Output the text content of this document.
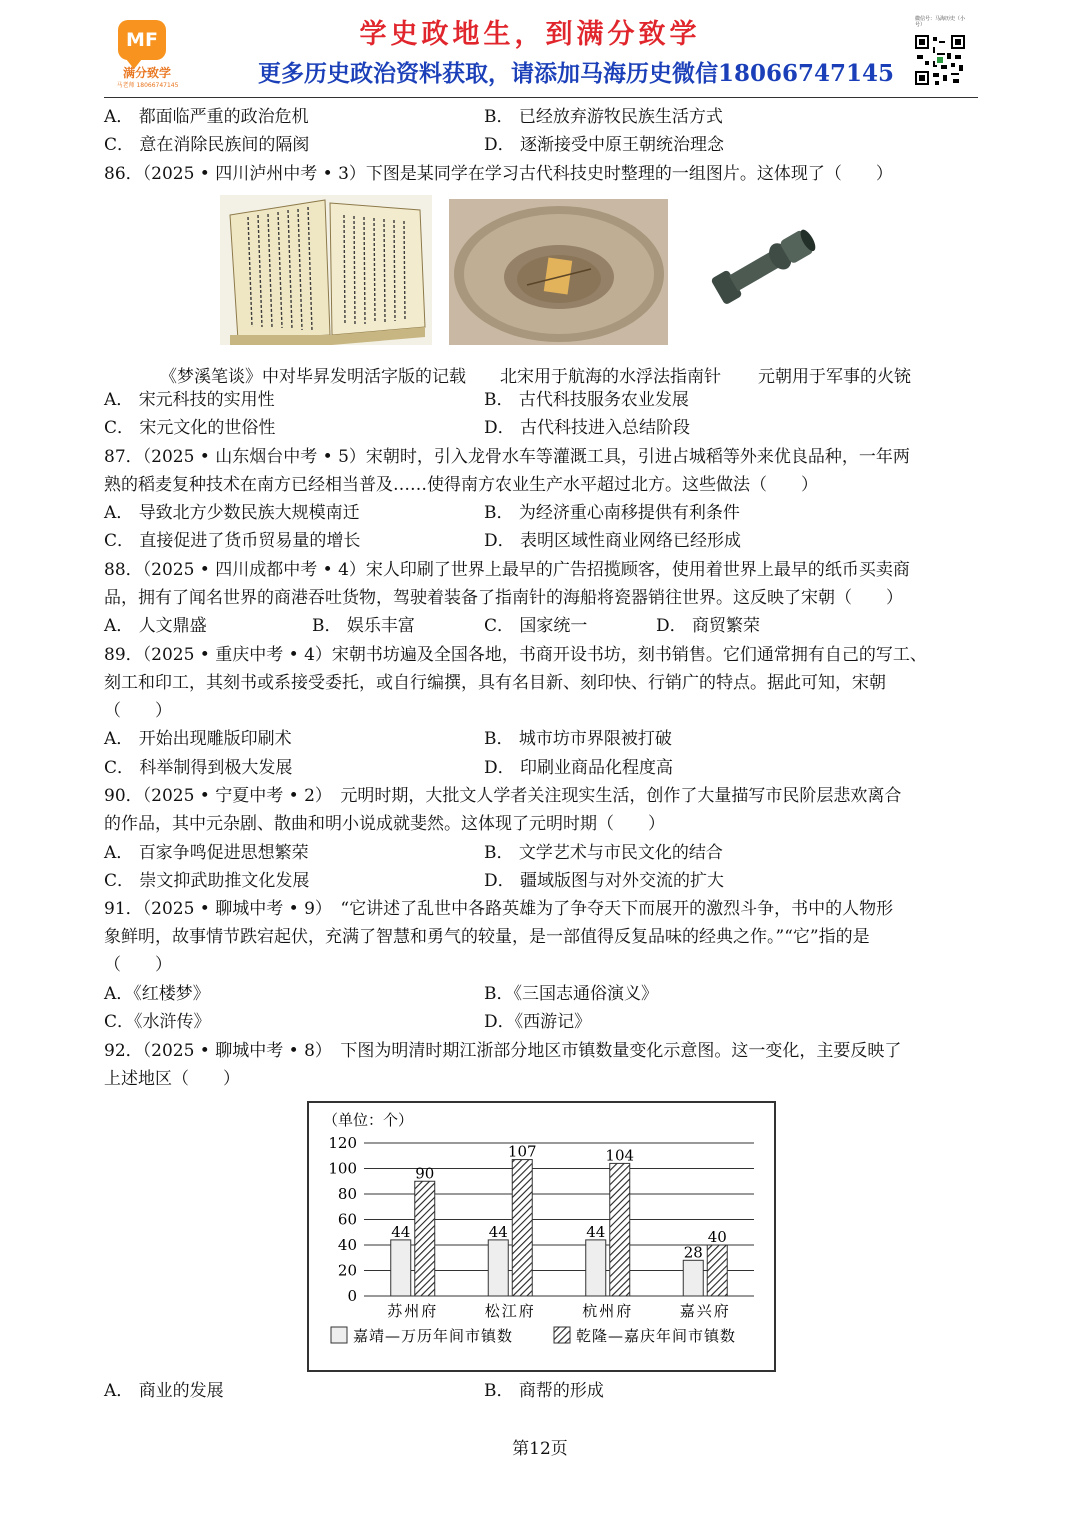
MF
满分致学
马老师 18066747145
学史政地生，到满分致学
更多历史政治资料获取，请添加马海历史微信18066747145
微信号：马海历史（小号）
A． 都面临严重的政治危机	B． 已经放弃游牧民族生活方式
C． 意在消除民族间的隔阂	D． 逐渐接受中原王朝统治理念
86．（2025 • 四川泸州中考 • 3）下图是某同学在学习古代科技史时整理的一组图片。这体现了（　　）
《梦溪笔谈》中对毕昇发明活字版的记载 北宋用于航海的水浮法指南针 元朝用于军事的火铳
A． 宋元科技的实用性	B． 古代科技服务农业发展
C． 宋元文化的世俗性	D． 古代科技进入总结阶段
87．（2025 • 山东烟台中考 • 5）宋朝时，引入龙骨水车等灌溉工具，引进占城稻等外来优良品种，一年两
熟的稻麦复种技术在南方已经相当普及……使得南方农业生产水平超过北方。这些做法（　　）
A． 导致北方少数民族大规模南迁	B． 为经济重心南移提供有利条件
C． 直接促进了货币贸易量的增长	D． 表明区域性商业网络已经形成
88．（2025 • 四川成都中考 • 4）宋人印刷了世界上最早的广告招揽顾客，使用着世界上最早的纸币买卖商
品，拥有了闻名世界的商港吞吐货物，驾驶着装备了指南针的海船将瓷器销往世界。这反映了宋朝（　　）
A． 人文鼎盛	B． 娱乐丰富	C． 国家统一	D． 商贸繁荣
89．（2025 • 重庆中考 • 4）宋朝书坊遍及全国各地，书商开设书坊，刻书销售。它们通常拥有自己的写工、
刻工和印工，其刻书或系接受委托，或自行编撰，具有名目新、刻印快、行销广的特点。据此可知，宋朝
（　　）
A． 开始出现雕版印刷术	B． 城市坊市界限被打破
C． 科举制得到极大发展	D． 印刷业商品化程度高
90．（2025 • 宁夏中考 • 2）　元明时期，大批文人学者关注现实生活，创作了大量描写市民阶层悲欢离合
的作品，其中元杂剧、散曲和明小说成就斐然。这体现了元明时期（　　）
A． 百家争鸣促进思想繁荣	B． 文学艺术与市民文化的结合
C． 崇文抑武助推文化发展	D． 疆域版图与对外交流的扩大
91．（2025 • 聊城中考 • 9）　“它讲述了乱世中各路英雄为了争夺天下而展开的激烈斗争，书中的人物形
象鲜明，故事情节跌宕起伏，充满了智慧和勇气的较量，是一部值得反复品味的经典之作。”“它”指的是
（　　）
A．《红楼梦》	B．《三国志通俗演义》
C．《水浒传》	D．《西游记》
92．（2025 • 聊城中考 • 8）　下图为明清时期江浙部分地区市镇数量变化示意图。这一变化，主要反映了
上述地区（　　）
（单位：个）
0
20
40
60
80
100
120
44
90
苏州府
44
107
松江府
44
104
杭州府
28
40
嘉兴府
嘉靖—万历年间市镇数	乾隆—嘉庆年间市镇数
A． 商业的发展	B． 商帮的形成
第12页
